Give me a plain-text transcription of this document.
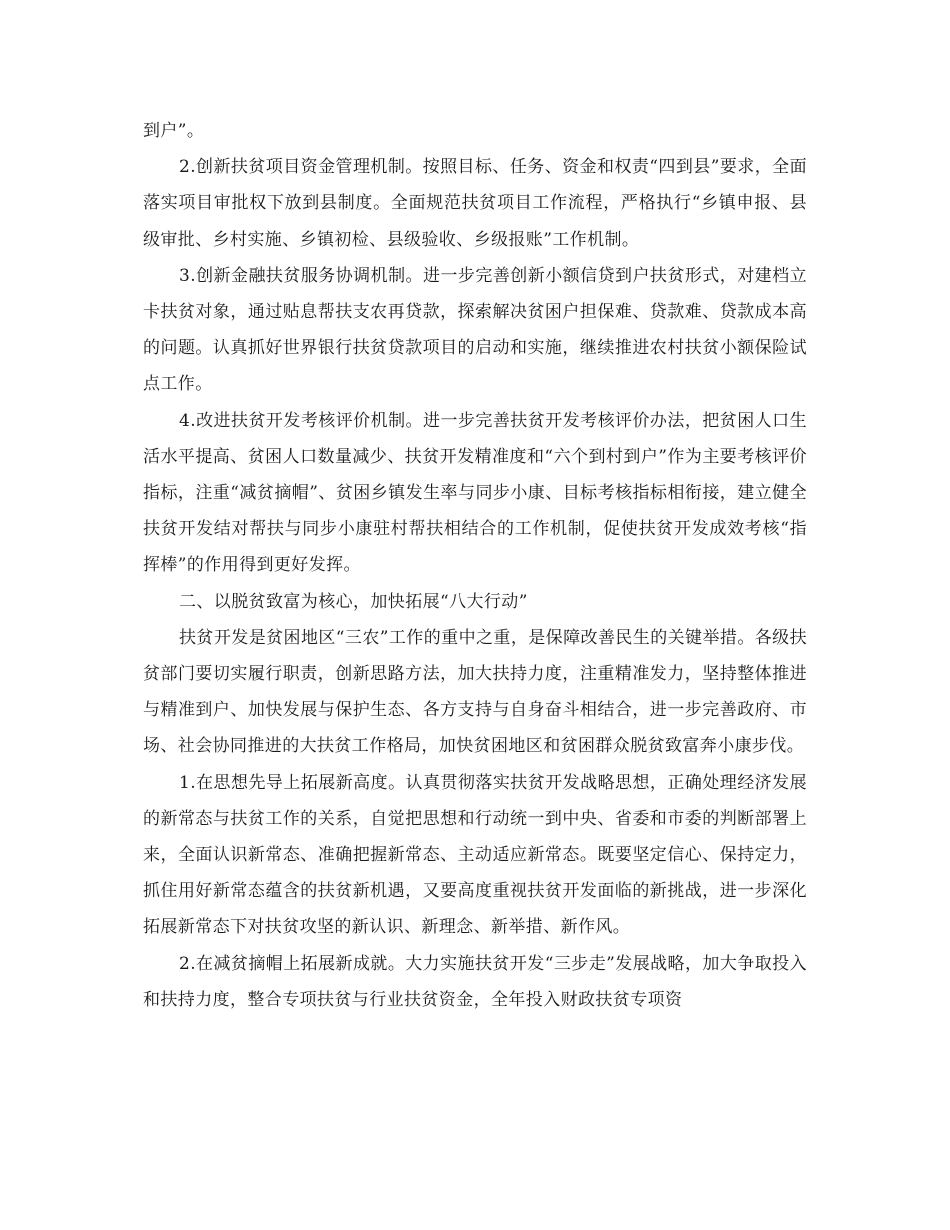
到户”。

2.创新扶贫项目资金管理机制。按照目标、任务、资金和权责“四到县”要求，全面落实项目审批权下放到县制度。全面规范扶贫项目工作流程，严格执行“乡镇申报、县级审批、乡村实施、乡镇初检、县级验收、乡级报账”工作机制。

3.创新金融扶贫服务协调机制。进一步完善创新小额信贷到户扶贫形式，对建档立卡扶贫对象，通过贴息帮扶支农再贷款，探索解决贫困户担保难、贷款难、贷款成本高的问题。认真抓好世界银行扶贫贷款项目的启动和实施，继续推进农村扶贫小额保险试点工作。

4.改进扶贫开发考核评价机制。进一步完善扶贫开发考核评价办法，把贫困人口生活水平提高、贫困人口数量减少、扶贫开发精准度和“六个到村到户”作为主要考核评价指标，注重“减贫摘帽”、贫困乡镇发生率与同步小康、目标考核指标相衔接，建立健全扶贫开发结对帮扶与同步小康驻村帮扶相结合的工作机制，促使扶贫开发成效考核“指挥棒”的作用得到更好发挥。

二、以脱贫致富为核心，加快拓展“八大行动”

扶贫开发是贫困地区“三农”工作的重中之重，是保障改善民生的关键举措。各级扶贫部门要切实履行职责，创新思路方法，加大扶持力度，注重精准发力，坚持整体推进与精准到户、加快发展与保护生态、各方支持与自身奋斗相结合，进一步完善政府、市场、社会协同推进的大扶贫工作格局，加快贫困地区和贫困群众脱贫致富奔小康步伐。

1.在思想先导上拓展新高度。认真贯彻落实扶贫开发战略思想，正确处理经济发展的新常态与扶贫工作的关系，自觉把思想和行动统一到中央、省委和市委的判断部署上来，全面认识新常态、准确把握新常态、主动适应新常态。既要坚定信心、保持定力，抓住用好新常态蕴含的扶贫新机遇，又要高度重视扶贫开发面临的新挑战，进一步深化拓展新常态下对扶贫攻坚的新认识、新理念、新举措、新作风。

2.在减贫摘帽上拓展新成就。大力实施扶贫开发“三步走”发展战略，加大争取投入和扶持力度，整合专项扶贫与行业扶贫资金，全年投入财政扶贫专项资
